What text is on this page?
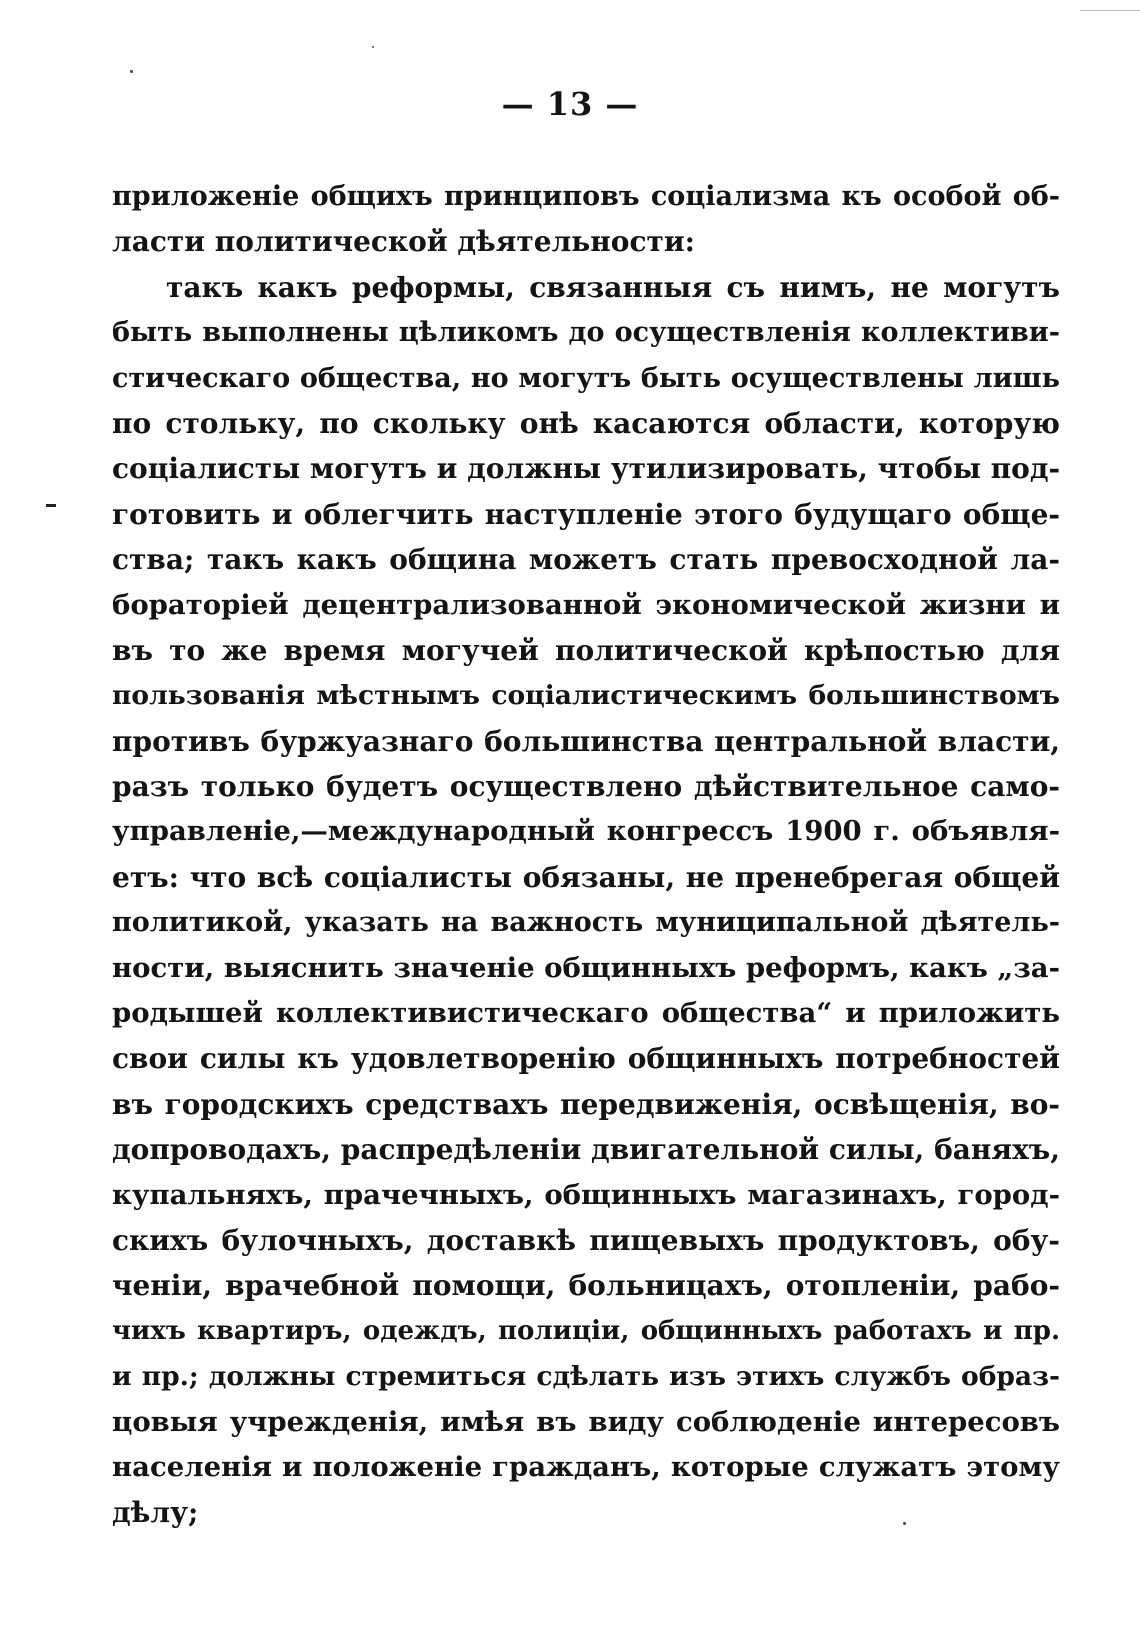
— 13 —
приложеніе общихъ принциповъ соціализма къ особой об-
ласти политической дѣятельности:
такъ какъ реформы, связанныя съ нимъ, не могутъ
быть выполнены цѣликомъ до осуществленія коллективи-
стическаго общества, но могутъ быть осуществлены лишь
по стольку, по скольку онѣ касаются области, которую
соціалисты могутъ и должны утилизировать, чтобы под-
готовить и облегчить наступленіе этого будущаго обще-
ства; такъ какъ община можетъ стать превосходной ла-
бораторіей децентрализованной экономической жизни и
въ то же время могучей политической крѣпостью для
пользованія мѣстнымъ соціалистическимъ большинствомъ
противъ буржуазнаго большинства центральной власти,
разъ только будетъ осуществлено дѣйствительное само-
управленіе,—международный конгрессъ 1900 г. объявля-
етъ: что всѣ соціалисты обязаны, не пренебрегая общей
политикой, указать на важность муниципальной дѣятель-
ности, выяснить значеніе общинныхъ реформъ, какъ „за-
родышей коллективистическаго общества“ и приложить
свои силы къ удовлетворенію общинныхъ потребностей
въ городскихъ средствахъ передвиженія, освѣщенія, во-
допроводахъ, распредѣленіи двигательной силы, баняхъ,
купальняхъ, прачечныхъ, общинныхъ магазинахъ, город-
скихъ булочныхъ, доставкѣ пищевыхъ продуктовъ, обу-
ченіи, врачебной помощи, больницахъ, отопленіи, рабо-
чихъ квартиръ, одеждъ, полиціи, общинныхъ работахъ и пр.
и пр.; должны стремиться сдѣлать изъ этихъ службъ образ-
цовыя учрежденія, имѣя въ виду соблюденіе интересовъ
населенія и положеніе гражданъ, которые служатъ этому
дѣлу;
